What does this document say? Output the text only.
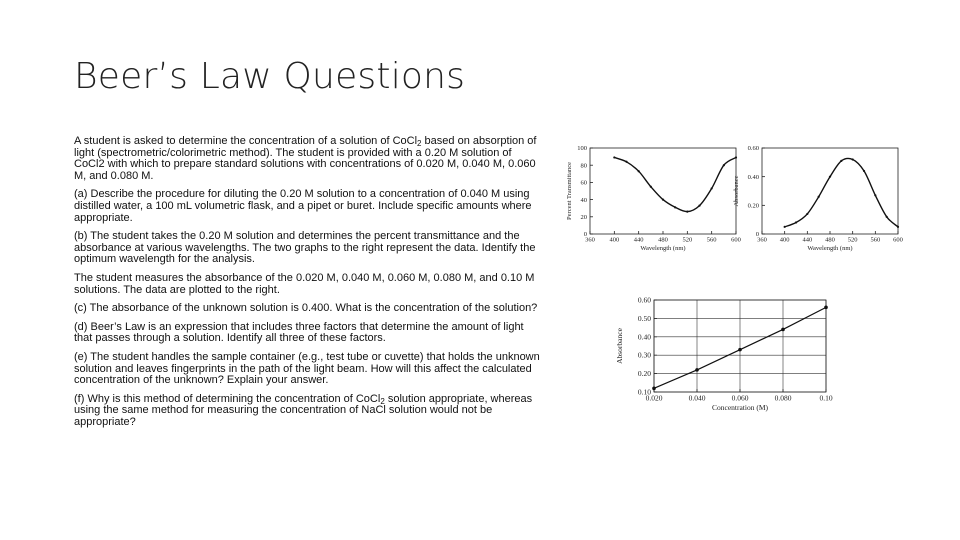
Beer’s Law Questions

A student is asked to determine the concentration of a solution of CoCl$_2$ based on absorption of light (spectrometric/colorimetric method). The student is provided with a 0.20 M solution of CoCl2 with which to prepare standard solutions with concentrations of 0.020 M, 0.040 M, 0.060 M, and 0.080 M.

(a) Describe the procedure for diluting the 0.20 M solution to a concentration of 0.040 M using distilled water, a 100 mL volumetric flask, and a pipet or buret. Include specific amounts where appropriate.

(b) The student takes the 0.20 M solution and determines the percent transmittance and the absorbance at various wavelengths. The two graphs to the right represent the data. Identify the optimum wavelength for the analysis.

The student measures the absorbance of the 0.020 M, 0.040 M, 0.060 M, 0.080 M, and 0.10 M solutions. The data are plotted to the right.

(c) The absorbance of the unknown solution is 0.400. What is the concentration of the solution?

(d) Beer’s Law is an expression that includes three factors that determine the amount of light that passes through a solution. Identify all three of these factors.

(e) The student handles the sample container (e.g., test tube or cuvette) that holds the unknown solution and leaves fingerprints in the path of the light beam. How will this affect the calculated concentration of the unknown? Explain your answer.

(f) Why is this method of determining the concentration of CoCl$_2$ solution appropriate, whereas using the same method for measuring the concentration of NaCl solution would not be appropriate?

360 400 440 480 520 560 600
0
20
40
60
80
100
Wavelength (nm)
Percent Transmittance
360 400 440 480 520 560 600
0
0.20
0.40
0.60
Wavelength (nm)
Absorbance
0.020	0.040	0.060	0.080	0.10
0.10
0.20
0.30
0.40
0.50
0.60
Concentration (M)
Absorbance
